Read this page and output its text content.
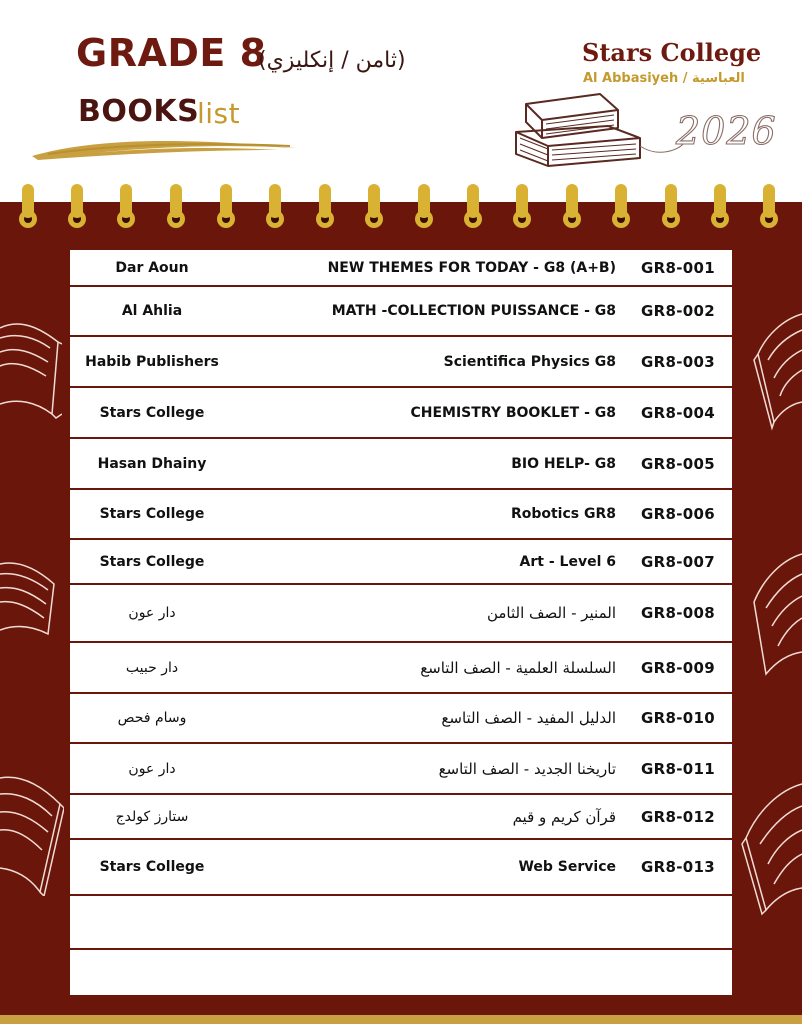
GRADE 8
(ثامن / إنكليزي)
BOOKS
list
Stars College
Al Abbasiyeh / العباسية
2026
Dar Aoun	NEW THEMES FOR TODAY - G8 (A+B)	GR8-001
Al Ahlia	MATH -COLLECTION PUISSANCE - G8	GR8-002
Habib Publishers	Scientifica Physics G8	GR8-003
Stars College	CHEMISTRY BOOKLET - G8	GR8-004
Hasan Dhainy	BIO HELP- G8	GR8-005
Stars College	Robotics GR8	GR8-006
Stars College	Art - Level 6	GR8-007
دار عون	المنير - الصف الثامن	GR8-008
دار حبيب	السلسلة العلمية - الصف التاسع	GR8-009
وسام فحص	الدليل المفيد - الصف التاسع	GR8-010
دار عون	تاريخنا الجديد - الصف التاسع	GR8-011
ستارز كولدج	قرآن كريم و قيم	GR8-012
Stars College	Web Service	GR8-013
